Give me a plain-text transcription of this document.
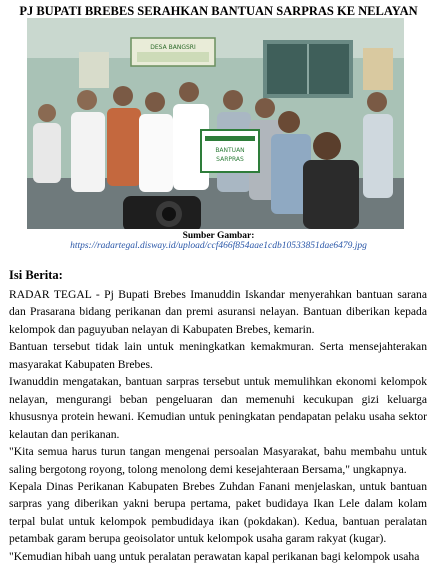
PJ BUPATI BREBES SERAHKAN BANTUAN SARPRAS KE NELAYAN
DESA BANGSRI
BANTUAN
SARPRAS
Sumber Gambar:
https://radartegal.disway.id/upload/ccf466f854aae1cdb10533851dae6479.jpg
Isi Berita:

RADAR TEGAL - Pj Bupati Brebes Imanuddin Iskandar menyerahkan bantuan sarana dan Prasarana bidang perikanan dan premi asuransi nelayan. Bantuan diberikan kepada kelompok dan paguyuban nelayan di Kabupaten Brebes, kemarin.

Bantuan tersebut tidak lain untuk meningkatkan kemakmuran. Serta mensejahterakan masyarakat Kabupaten Brebes.

Iwanuddin mengatakan, bantuan sarpras tersebut untuk memulihkan ekonomi kelompok nelayan, mengurangi beban pengeluaran dan memenuhi kecukupan gizi keluarga khususnya protein hewani. Kemudian untuk peningkatan pendapatan pelaku usaha sektor kelautan dan perikanan.

"Kita semua harus turun tangan mengenai persoalan Masyarakat, bahu membahu untuk saling bergotong royong, tolong menolong demi kesejahteraan Bersama," ungkapnya.

Kepala Dinas Perikanan Kabupaten Brebes Zuhdan Fanani menjelaskan, untuk bantuan sarpras yang diberikan yakni berupa pertama, paket budidaya Ikan Lele dalam kolam terpal bulat untuk kelompok pembudidaya ikan (pokdakan). Kedua, bantuan peralatan petambak garam berupa geoisolator untuk kelompok usaha garam rakyat (kugar).

"Kemudian hibah uang untuk peralatan perawatan kapal perikanan bagi kelompok usaha
